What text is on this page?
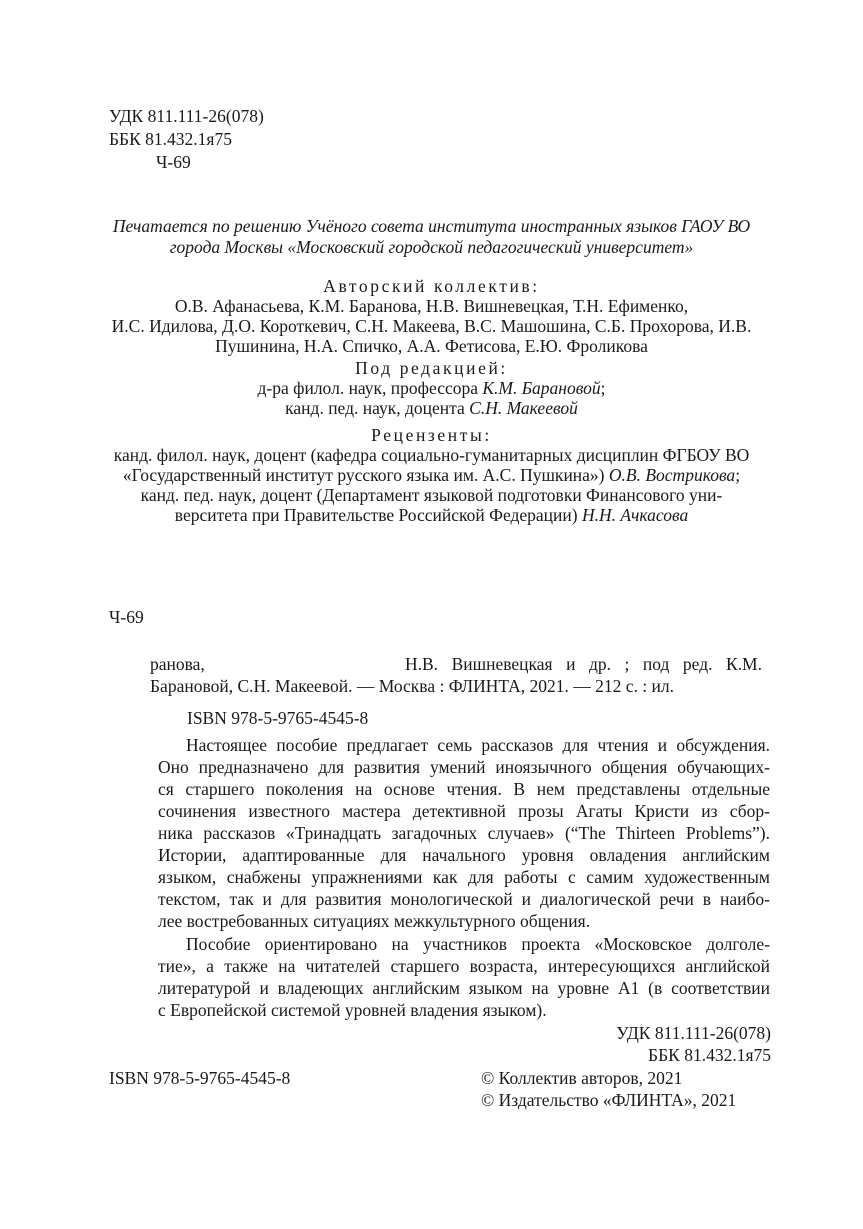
УДК 811.111-26(078)
ББК 81.432.1я75
Ч-69
Печатается по решению Учёного совета института иностранных языков ГАОУ ВО
города Москвы «Московский городской педагогический университет»
Авторский коллектив:
О.В. Афанасьева, К.М. Баранова, Н.В. Вишневецкая, Т.Н. Ефименко,
И.С. Идилова, Д.О. Короткевич, С.Н. Макеева, В.С. Машошина, С.Б. Прохорова, И.В.
Пушинина, Н.А. Спичко, А.А. Фетисова, Е.Ю. Фроликова
Под редакцией:
д-ра филол. наук, профессора К.М. Барановой;
канд. пед. наук, доцента С.Н. Макеевой
Рецензенты:
канд. филол. наук, доцент (кафедра социально-гуманитарных дисциплин ФГБОУ ВО
«Государственный институт русского языка им. А.С. Пушкина») О.В. Вострикова;
канд. пед. наук, доцент (Департамент языковой подготовки Финансового уни-
верситета при Правительстве Российской Федерации) Н.Н. Ачкасова
Ч-69
ранова,	Н.В. Вишневецкая и др. ; под ред. К.М.
Барановой, С.Н. Макеевой. — Москва : ФЛИНТА, 2021. — 212 с. : ил.
ISBN 978-5-9765-4545-8
Настоящее пособие предлагает семь рассказов для чтения и обсуждения.
Оно предназначено для развития умений иноязычного общения обучающих-
ся старшего поколения на основе чтения. В нем представлены отдельные
сочинения известного мастера детективной прозы Агаты Кристи из сбор-
ника рассказов «Тринадцать загадочных случаев» (“The Thirteen Problems”).
Истории, адаптированные для начального уровня овладения английским
языком, снабжены упражнениями как для работы с самим художественным
текстом, так и для развития монологической и диалогической речи в наибо-
лее востребованных ситуациях межкультурного общения.
Пособие ориентировано на участников проекта «Московское долголе-
тие», а также на читателей старшего возраста, интересующихся английской
литературой и владеющих английским языком на уровне А1 (в соответствии
с Европейской системой уровней владения языком).
УДК 811.111-26(078)
ББК 81.432.1я75
ISBN 978-5-9765-4545-8	© Коллектив авторов, 2021
© Издательство «ФЛИНТА», 2021
